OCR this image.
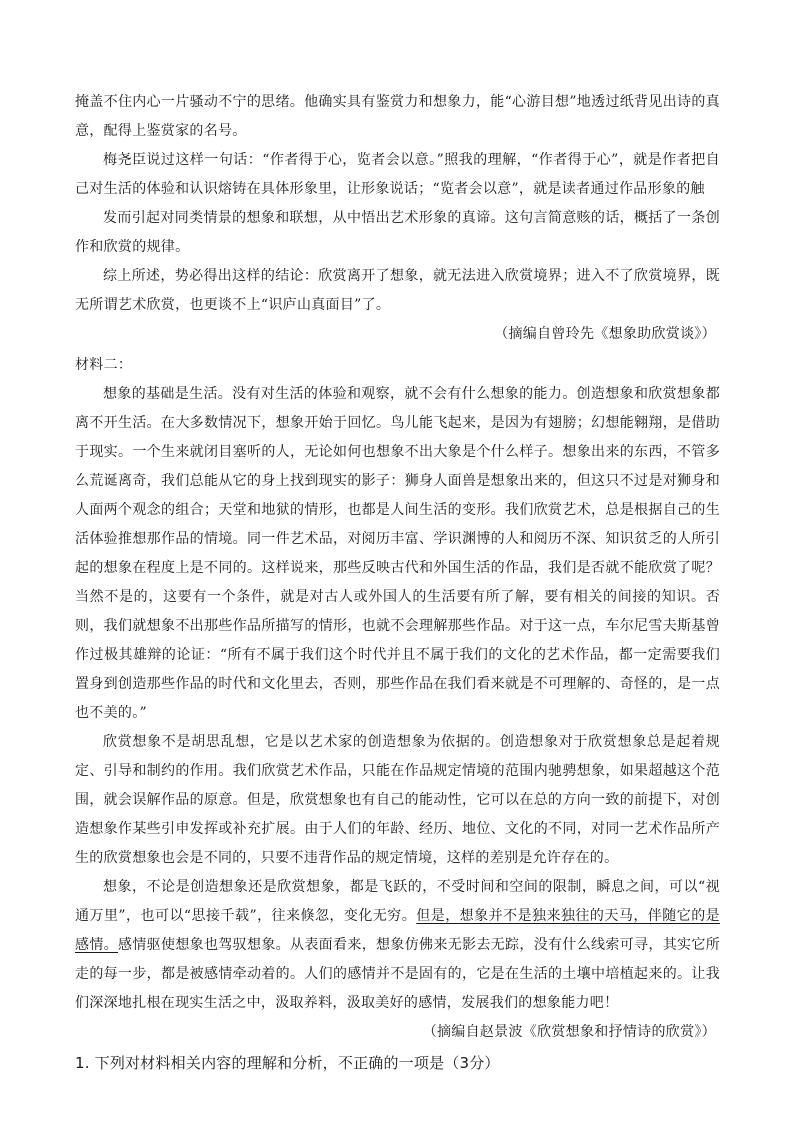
掩盖不住内心一片骚动不宁的思绪。他确实具有鉴赏力和想象力，能“心游目想”地透过纸背见出诗的真意，配得上鉴赏家的名号。

梅尧臣说过这样一句话：“作者得于心，览者会以意。”照我的理解，“作者得于心”，就是作者把自己对生活的体验和认识熔铸在具体形象里，让形象说话；“览者会以意”，就是读者通过作品形象的触

发而引起对同类情景的想象和联想，从中悟出艺术形象的真谛。这句言简意赅的话，概括了一条创作和欣赏的规律。

综上所述，势必得出这样的结论：欣赏离开了想象，就无法进入欣赏境界；进入不了欣赏境界，既无所谓艺术欣赏，也更谈不上“识庐山真面目”了。

（摘编自曾玲先《想象助欣赏谈》）

材料二：

想象的基础是生活。没有对生活的体验和观察，就不会有什么想象的能力。创造想象和欣赏想象都离不开生活。在大多数情况下，想象开始于回忆。鸟儿能飞起来，是因为有翅膀；幻想能翱翔，是借助于现实。一个生来就闭目塞听的人，无论如何也想象不出大象是个什么样子。想象出来的东西，不管多么荒诞离奇，我们总能从它的身上找到现实的影子：狮身人面兽是想象出来的，但这只不过是对狮身和人面两个观念的组合；天堂和地狱的情形，也都是人间生活的变形。我们欣赏艺术，总是根据自己的生活体验推想那作品的情境。同一件艺术品，对阅历丰富、学识渊博的人和阅历不深、知识贫乏的人所引起的想象在程度上是不同的。这样说来，那些反映古代和外国生活的作品，我们是否就不能欣赏了呢？当然不是的，这要有一个条件，就是对古人或外国人的生活要有所了解，要有相关的间接的知识。否则，我们就想象不出那些作品所描写的情形，也就不会理解那些作品。对于这一点，车尔尼雪夫斯基曾作过极其雄辩的论证：“所有不属于我们这个时代并且不属于我们的文化的艺术作品，都一定需要我们置身到创造那些作品的时代和文化里去，否则，那些作品在我们看来就是不可理解的、奇怪的，是一点也不美的。”

欣赏想象不是胡思乱想，它是以艺术家的创造想象为依据的。创造想象对于欣赏想象总是起着规定、引导和制约的作用。我们欣赏艺术作品，只能在作品规定情境的范围内驰骋想象，如果超越这个范围，就会误解作品的原意。但是，欣赏想象也有自己的能动性，它可以在总的方向一致的前提下，对创造想象作某些引申发挥或补充扩展。由于人们的年龄、经历、地位、文化的不同，对同一艺术作品所产生的欣赏想象也会是不同的，只要不违背作品的规定情境，这样的差别是允许存在的。

想象，不论是创造想象还是欣赏想象，都是飞跃的，不受时间和空间的限制，瞬息之间，可以“视通万里”，也可以“思接千载”，往来倏忽，变化无穷。但是，想象并不是独来独往的天马，伴随它的是感情。感情驱使想象也驾驭想象。从表面看来，想象仿佛来无影去无踪，没有什么线索可寻，其实它所走的每一步，都是被感情牵动着的。人们的感情并不是固有的，它是在生活的土壤中培植起来的。让我们深深地扎根在现实生活之中，汲取养料，汲取美好的感情，发展我们的想象能力吧！

（摘编自赵景波《欣赏想象和抒情诗的欣赏》）

1. 下列对材料相关内容的理解和分析，不正确的一项是（3分）
